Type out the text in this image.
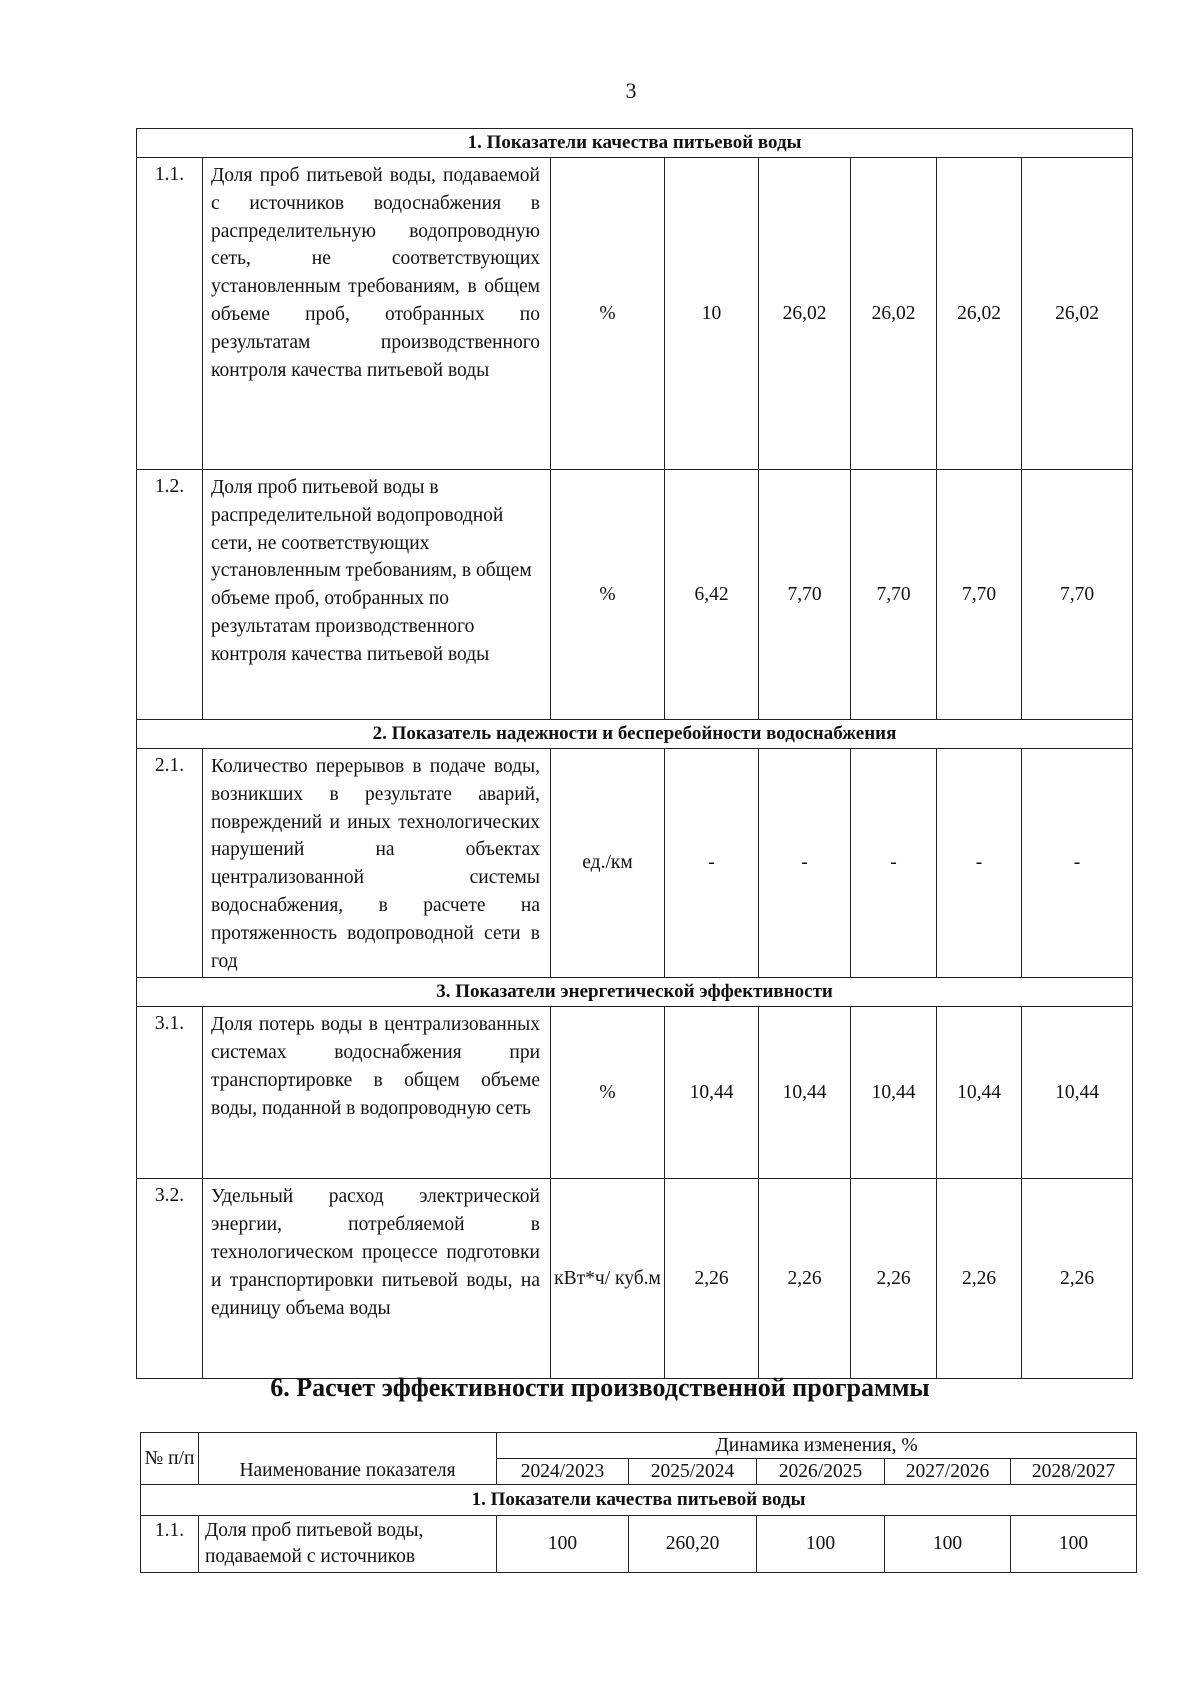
3
1. Показатели качества питьевой воды							
1.1.	Доля проб питьевой воды, подаваемой с источников водоснабжения в распределительную водопроводную сеть, не соответствующих установленным требованиям, в общем объеме проб, отобранных по результатам производственного контроля качества питьевой воды	%	10	26,02	26,02	26,02	26,02
1.2.	Доля проб питьевой воды в распределительной водопроводной сети, не соответствующих установленным требованиям, в общем объеме проб, отобранных по результатам производственного контроля качества питьевой воды	%	6,42	7,70	7,70	7,70	7,70
2. Показатель надежности и бесперебойности водоснабжения							
2.1.	Количество перерывов в подаче воды, возникших в результате аварий, повреждений и иных технологических нарушений на объектах централизованной системы водоснабжения, в расчете на протяженность водопроводной сети в год	ед./км	-	-	-	-	-
3. Показатели энергетической эффективности							
3.1.	Доля потерь воды в централизованных системах водоснабжения при транспортировке в общем объеме воды, поданной в водопроводную сеть	%	10,44	10,44	10,44	10,44	10,44
3.2.	Удельный расход электрической энергии, потребляемой в технологическом процессе подготовки и транспортировки питьевой воды, на единицу объема воды	кВт*ч/ куб.м	2,26	2,26	2,26	2,26	2,26
6. Расчет эффективности производственной программы
№ п/п	Наименование показателя	Динамика изменения, %				
		2024/2023	2025/2024	2026/2025	2027/2026	2028/2027
1. Показатели качества питьевой воды						
1.1.	Доля проб питьевой воды, подаваемой с источников	100	260,20	100	100	100
